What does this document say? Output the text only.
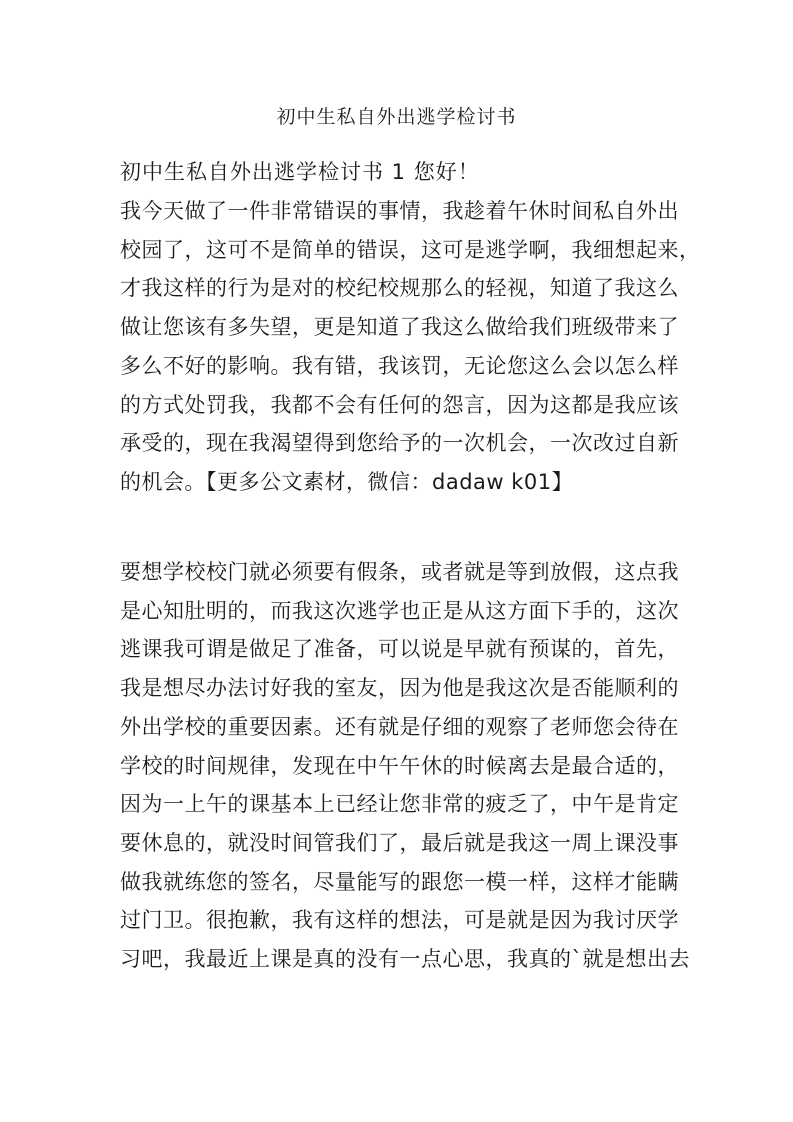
初中生私自外出逃学检讨书
初中生私自外出逃学检讨书 1 您好！
我今天做了一件非常错误的事情，我趁着午休时间私自外出
校园了，这可不是简单的错误，这可是逃学啊，我细想起来，
才我这样的行为是对的校纪校规那么的轻视，知道了我这么
做让您该有多失望，更是知道了我这么做给我们班级带来了
多么不好的影响。我有错，我该罚，无论您这么会以怎么样
的方式处罚我，我都不会有任何的怨言，因为这都是我应该
承受的，现在我渴望得到您给予的一次机会，一次改过自新
的机会。【更多公文素材，微信：dadaw k01】
要想学校校门就必须要有假条，或者就是等到放假，这点我
是心知肚明的，而我这次逃学也正是从这方面下手的，这次
逃课我可谓是做足了准备，可以说是早就有预谋的，首先，
我是想尽办法讨好我的室友，因为他是我这次是否能顺利的
外出学校的重要因素。还有就是仔细的观察了老师您会待在
学校的时间规律，发现在中午午休的时候离去是最合适的，
因为一上午的课基本上已经让您非常的疲乏了，中午是肯定
要休息的，就没时间管我们了，最后就是我这一周上课没事
做我就练您的签名，尽量能写的跟您一模一样，这样才能瞒
过门卫。很抱歉，我有这样的想法，可是就是因为我讨厌学
习吧，我最近上课是真的没有一点心思，我真的`就是想出去
